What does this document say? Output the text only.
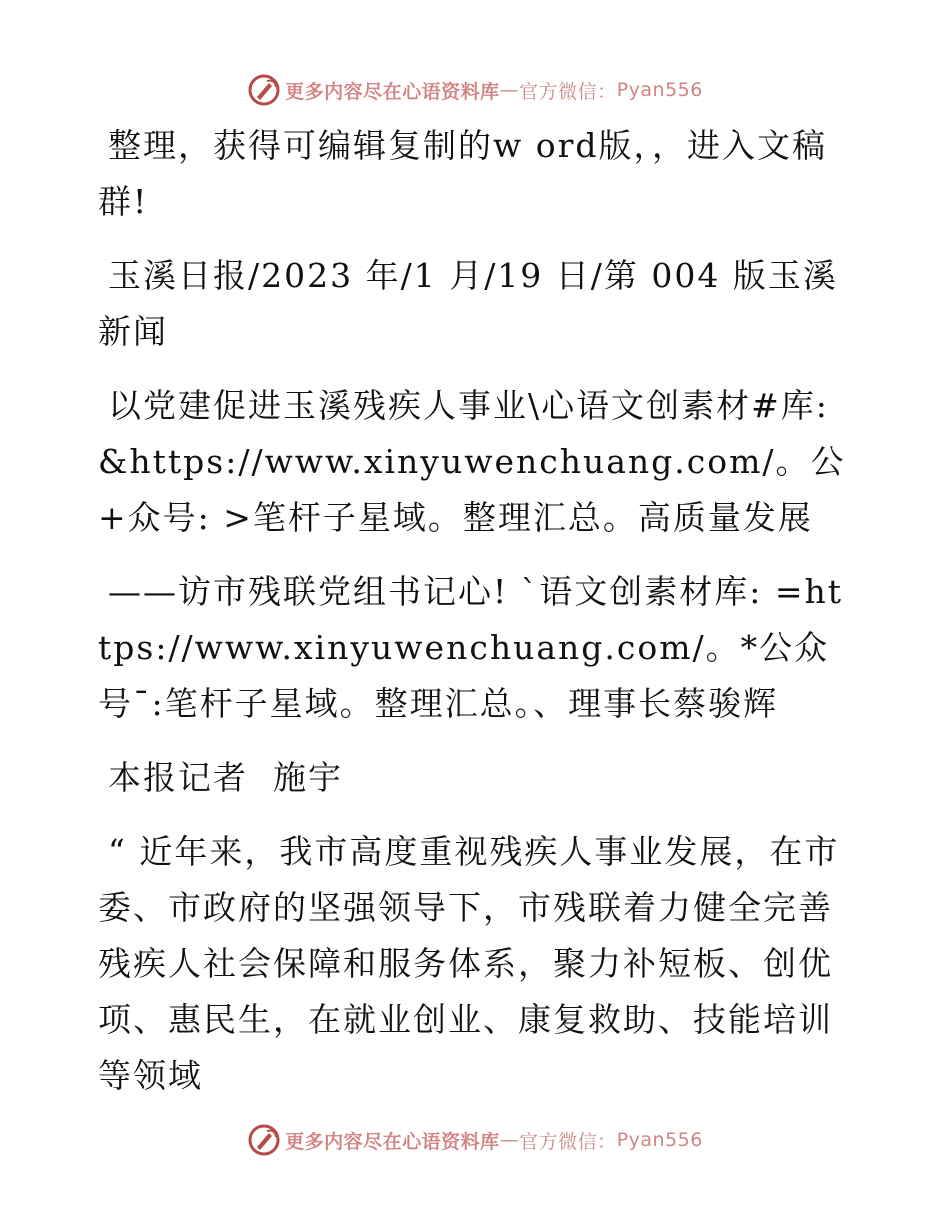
更多内容尽在心语资料库 — 官方微信： Pyan556

整理，获得可编辑复制的w ord版，，进入文稿群!

玉溪日报/2023 年/1 月/19 日/第 004 版玉溪新闻

以党建促进玉溪残疾人事业\心语文创素材#库: &https://www.xinyuwenchuang.com/。公+众号: >笔杆子星域。整理汇总。高质量发展

——访市残联党组书记心! `语文创素材库: =https://www.xinyuwenchuang.com/。*公众号¯:笔杆子星域。整理汇总。、理事长蔡骏辉

本报记者  施宇

“ 近年来，我市高度重视残疾人事业发展，在市委、市政府的坚强领导下，市残联着力健全完善残疾人社会保障和服务体系，聚力补短板、创优项、惠民生，在就业创业、康复救助、技能培训等领域

更多内容尽在心语资料库 — 官方微信： Pyan556
